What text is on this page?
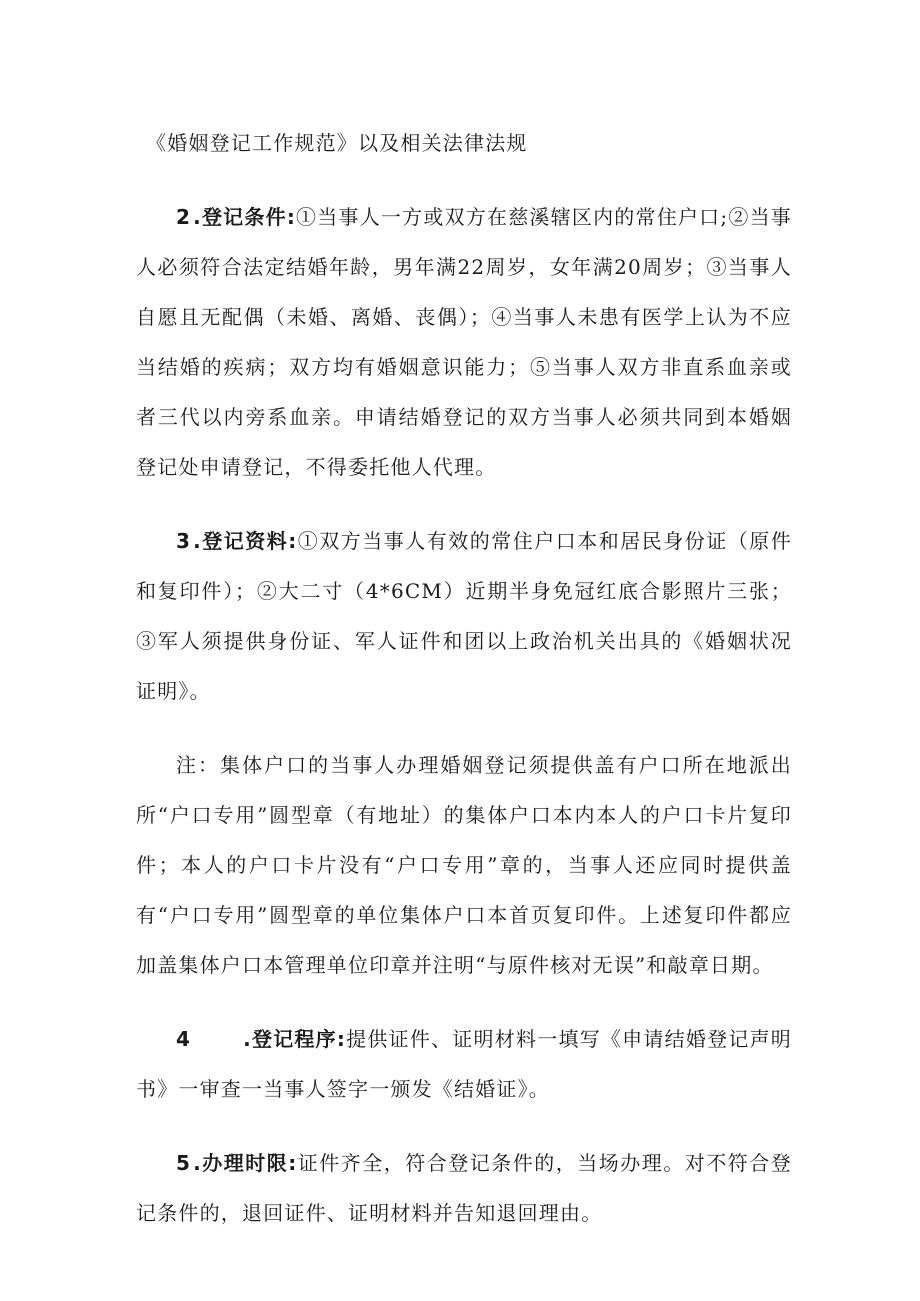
《婚姻登记工作规范》以及相关法律法规

2 .登记条件:①当事人一方或双方在慈溪辖区内的常住户口;②当事人必须符合法定结婚年龄，男年满22周岁，女年满20周岁；③当事人自愿且无配偶（未婚、离婚、丧偶）；④当事人未患有医学上认为不应当结婚的疾病；双方均有婚姻意识能力；⑤当事人双方非直系血亲或者三代以内旁系血亲。申请结婚登记的双方当事人必须共同到本婚姻登记处申请登记，不得委托他人代理。

3 .登记资料:①双方当事人有效的常住户口本和居民身份证（原件和复印件）；②大二寸（4*6CM）近期半身免冠红底合影照片三张；③军人须提供身份证、军人证件和团以上政治机关出具的《婚姻状况证明》。

注：集体户口的当事人办理婚姻登记须提供盖有户口所在地派出所“户口专用”圆型章（有地址）的集体户口本内本人的户口卡片复印件；本人的户口卡片没有“户口专用”章的，当事人还应同时提供盖有“户口专用”圆型章的单位集体户口本首页复印件。上述复印件都应加盖集体户口本管理单位印章并注明“与原件核对无误”和敲章日期。

4	.登记程序:提供证件、证明材料一填写《申请结婚登记声明书》一审查一当事人签字一颁发《结婚证》。

5 .办理时限:证件齐全，符合登记条件的，当场办理。对不符合登记条件的，退回证件、证明材料并告知退回理由。
